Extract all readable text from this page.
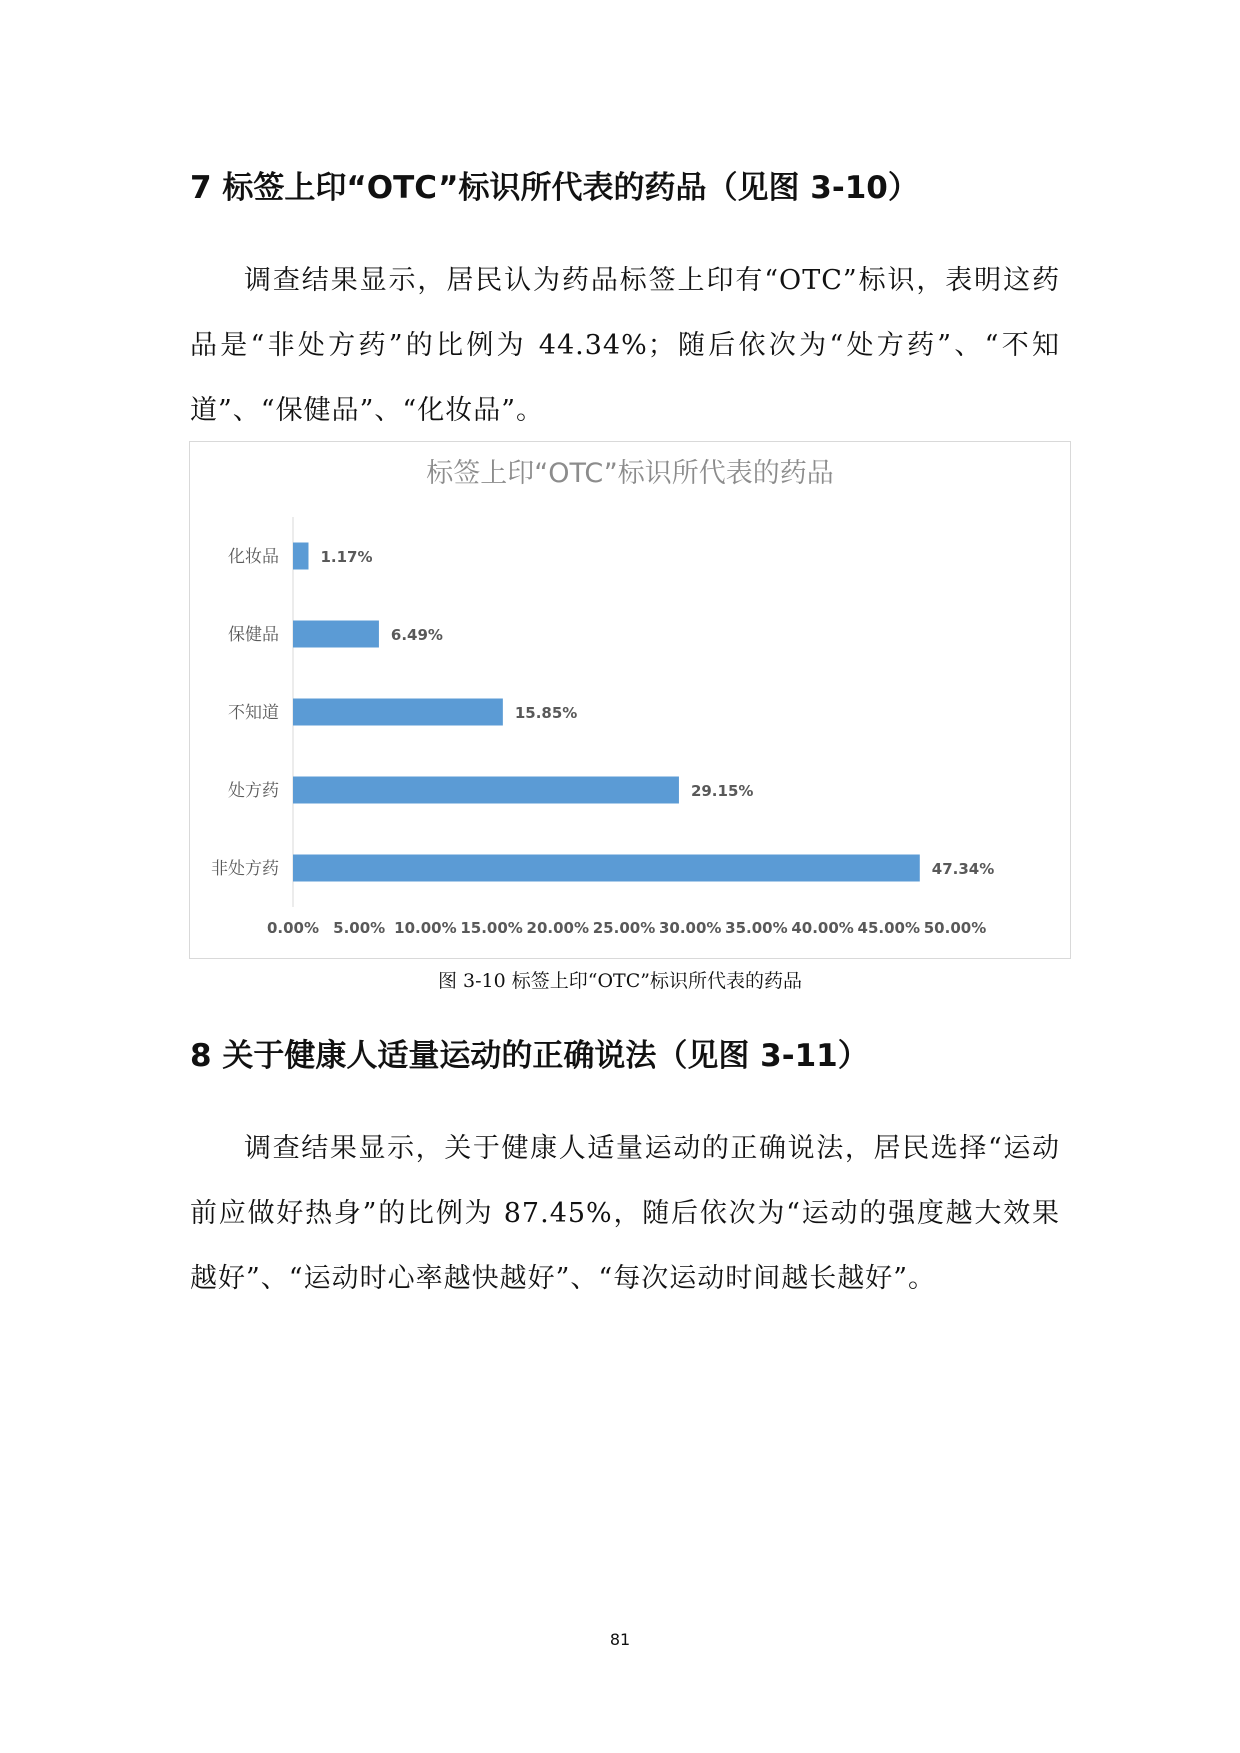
7 标签上印“OTC”标识所代表的药品（见图 3-10）

调查结果显示，居民认为药品标签上印有“OTC”标识，表明这药品是“非处方药”的比例为 44.34%；随后依次为“处方药”、“不知道”、“保健品”、“化妆品”。

标签上印“OTC”标识所代表的药品
化妆品	1.17%
保健品	6.49%
不知道	15.85%
处方药	29.15%
非处方药	47.34%
0.00% 5.00% 10.00% 15.00% 20.00% 25.00% 30.00% 35.00% 40.00% 45.00% 50.00%

图 3-10 标签上印“OTC”标识所代表的药品

8 关于健康人适量运动的正确说法（见图 3-11）

调查结果显示，关于健康人适量运动的正确说法，居民选择“运动前应做好热身”的比例为 87.45%，随后依次为“运动的强度越大效果越好”、“运动时心率越快越好”、“每次运动时间越长越好”。

81
